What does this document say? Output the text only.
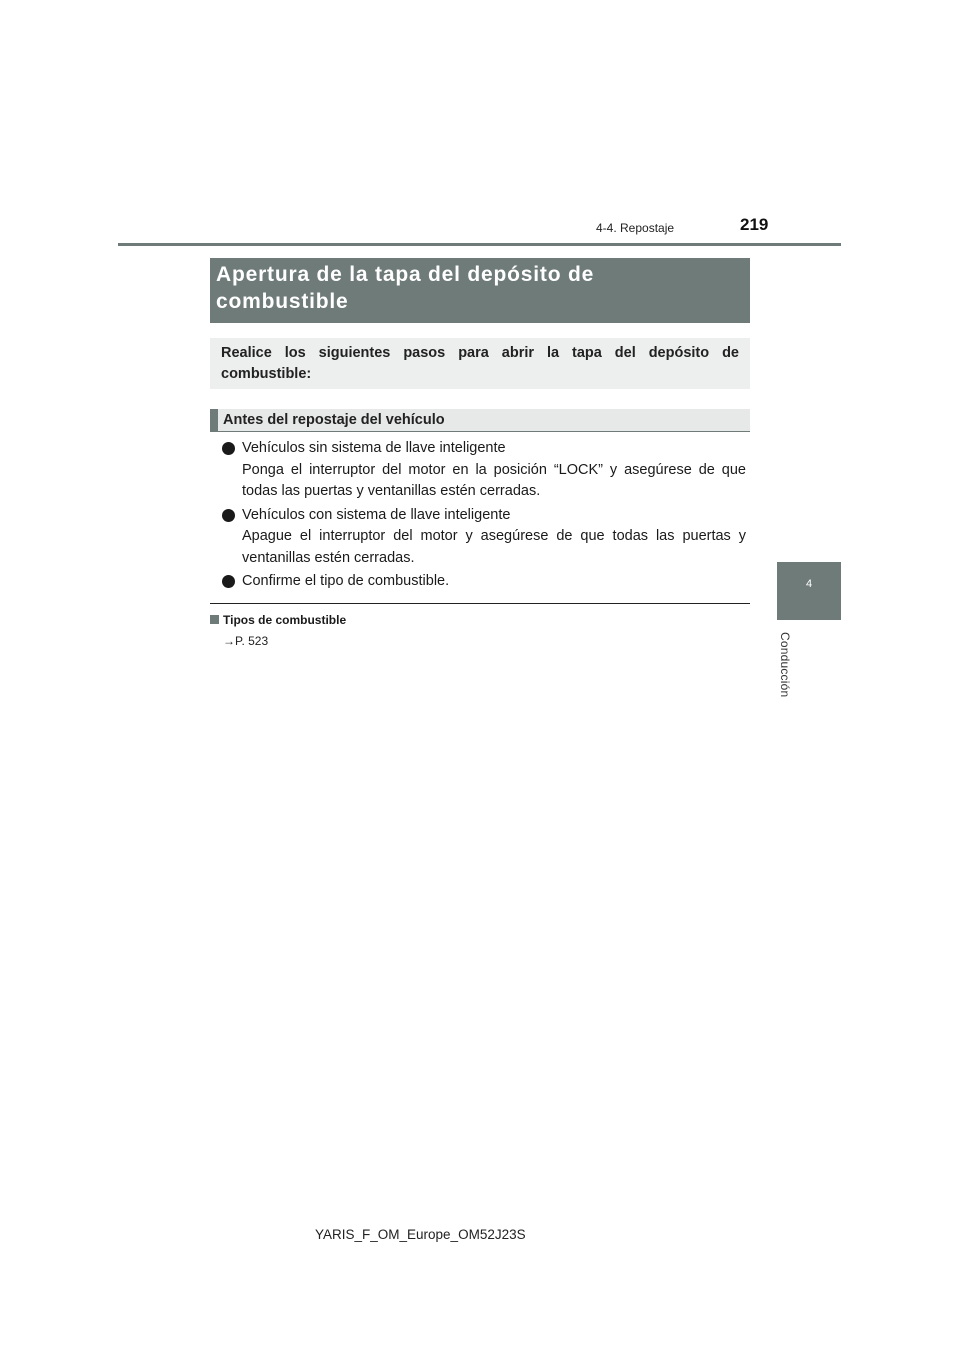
4-4. Repostaje	219
4
Conducción
Apertura de la tapa del depósito de
combustible
Realice los siguientes pasos para abrir la tapa del depósito de combustible:
Antes del repostaje del vehículo
Vehículos sin sistema de llave inteligente
Ponga el interruptor del motor en la posición “LOCK” y asegúrese de que todas las puertas y ventanillas estén cerradas.
Vehículos con sistema de llave inteligente
Apague el interruptor del motor y asegúrese de que todas las puertas y ventanillas estén cerradas.
Confirme el tipo de combustible.
Tipos de combustible
→P. 523
YARIS_F_OM_Europe_OM52J23S
